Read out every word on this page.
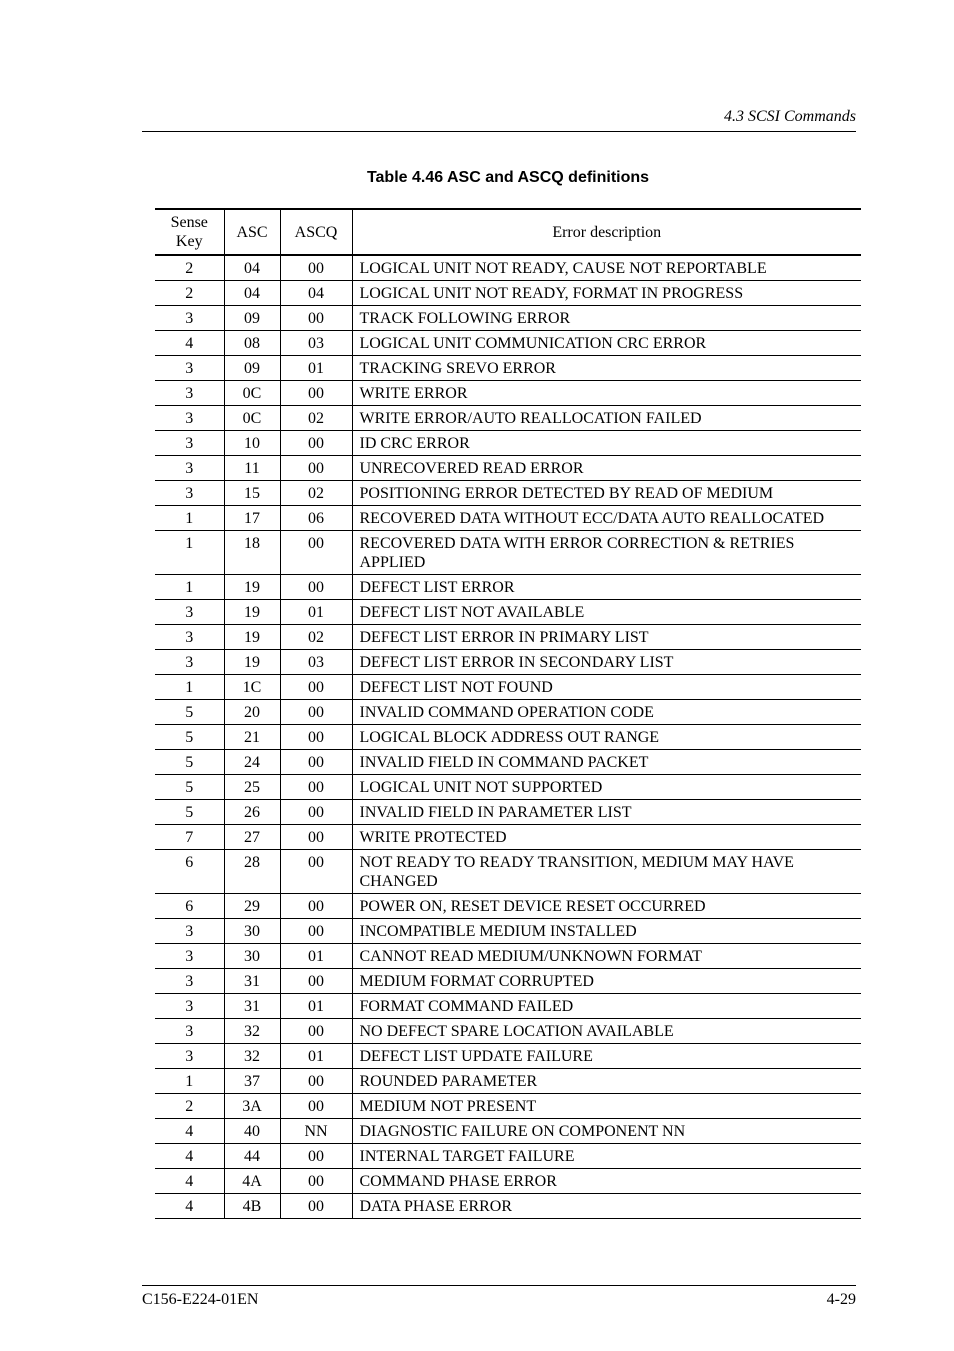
4.3 SCSI Commands
Table 4.46 ASC and ASCQ definitions
Sense
Key	ASC	ASCQ	Error description
2	04	00	LOGICAL UNIT NOT READY, CAUSE NOT REPORTABLE
2	04	04	LOGICAL UNIT NOT READY, FORMAT IN PROGRESS
3	09	00	TRACK FOLLOWING ERROR
4	08	03	LOGICAL UNIT COMMUNICATION CRC ERROR
3	09	01	TRACKING SREVO ERROR
3	0C	00	WRITE ERROR
3	0C	02	WRITE ERROR/AUTO REALLOCATION FAILED
3	10	00	ID CRC ERROR
3	11	00	UNRECOVERED READ ERROR
3	15	02	POSITIONING ERROR DETECTED BY READ OF MEDIUM
1	17	06	RECOVERED DATA WITHOUT ECC/DATA AUTO REALLOCATED
1	18	00	RECOVERED DATA WITH ERROR CORRECTION & RETRIES APPLIED
1	19	00	DEFECT LIST ERROR
3	19	01	DEFECT LIST NOT AVAILABLE
3	19	02	DEFECT LIST ERROR IN PRIMARY LIST
3	19	03	DEFECT LIST ERROR IN SECONDARY LIST
1	1C	00	DEFECT LIST NOT FOUND
5	20	00	INVALID COMMAND OPERATION CODE
5	21	00	LOGICAL BLOCK ADDRESS OUT RANGE
5	24	00	INVALID FIELD IN COMMAND PACKET
5	25	00	LOGICAL UNIT NOT SUPPORTED
5	26	00	INVALID FIELD IN PARAMETER LIST
7	27	00	WRITE PROTECTED
6	28	00	NOT READY TO READY TRANSITION, MEDIUM MAY HAVE CHANGED
6	29	00	POWER ON, RESET DEVICE RESET OCCURRED
3	30	00	INCOMPATIBLE MEDIUM INSTALLED
3	30	01	CANNOT READ MEDIUM/UNKNOWN FORMAT
3	31	00	MEDIUM FORMAT CORRUPTED
3	31	01	FORMAT COMMAND FAILED
3	32	00	NO DEFECT SPARE LOCATION AVAILABLE
3	32	01	DEFECT LIST UPDATE FAILURE
1	37	00	ROUNDED PARAMETER
2	3A	00	MEDIUM NOT PRESENT
4	40	NN	DIAGNOSTIC FAILURE ON COMPONENT NN
4	44	00	INTERNAL TARGET FAILURE
4	4A	00	COMMAND PHASE ERROR
4	4B	00	DATA PHASE ERROR
C156-E224-01EN	4-29
